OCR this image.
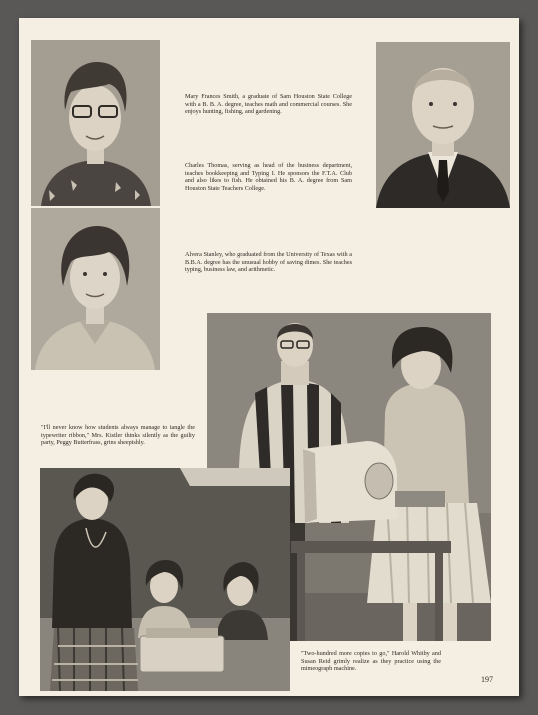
Mary Frances Smith, a graduate of Sam Houston State College with a B. B. A. degree, teaches math and commercial courses. She enjoys hunting, fishing, and gardening.
Charles Thomas, serving as head of the business department, teaches bookkeeping and Typing I. He sponsors the F.T.A. Club and also likes to fish. He obtained his B. A. degree from Sam Houston State Teachers College.
Alvera Stanley, who graduated from the University of Texas with a B.B.A. degree has the unusual hobby of saving dimes. She teaches typing, business law, and arithmetic.
"I'll never know how students always manage to tangle the typewriter ribbon," Mrs. Kistler thinks silently as the guilty party, Peggy Butterfrass, grins sheepishly.
"Two-hundred more copies to go," Harold Whitby and Susan Reid grimly realize as they practice using the mimeograph machine.
197
